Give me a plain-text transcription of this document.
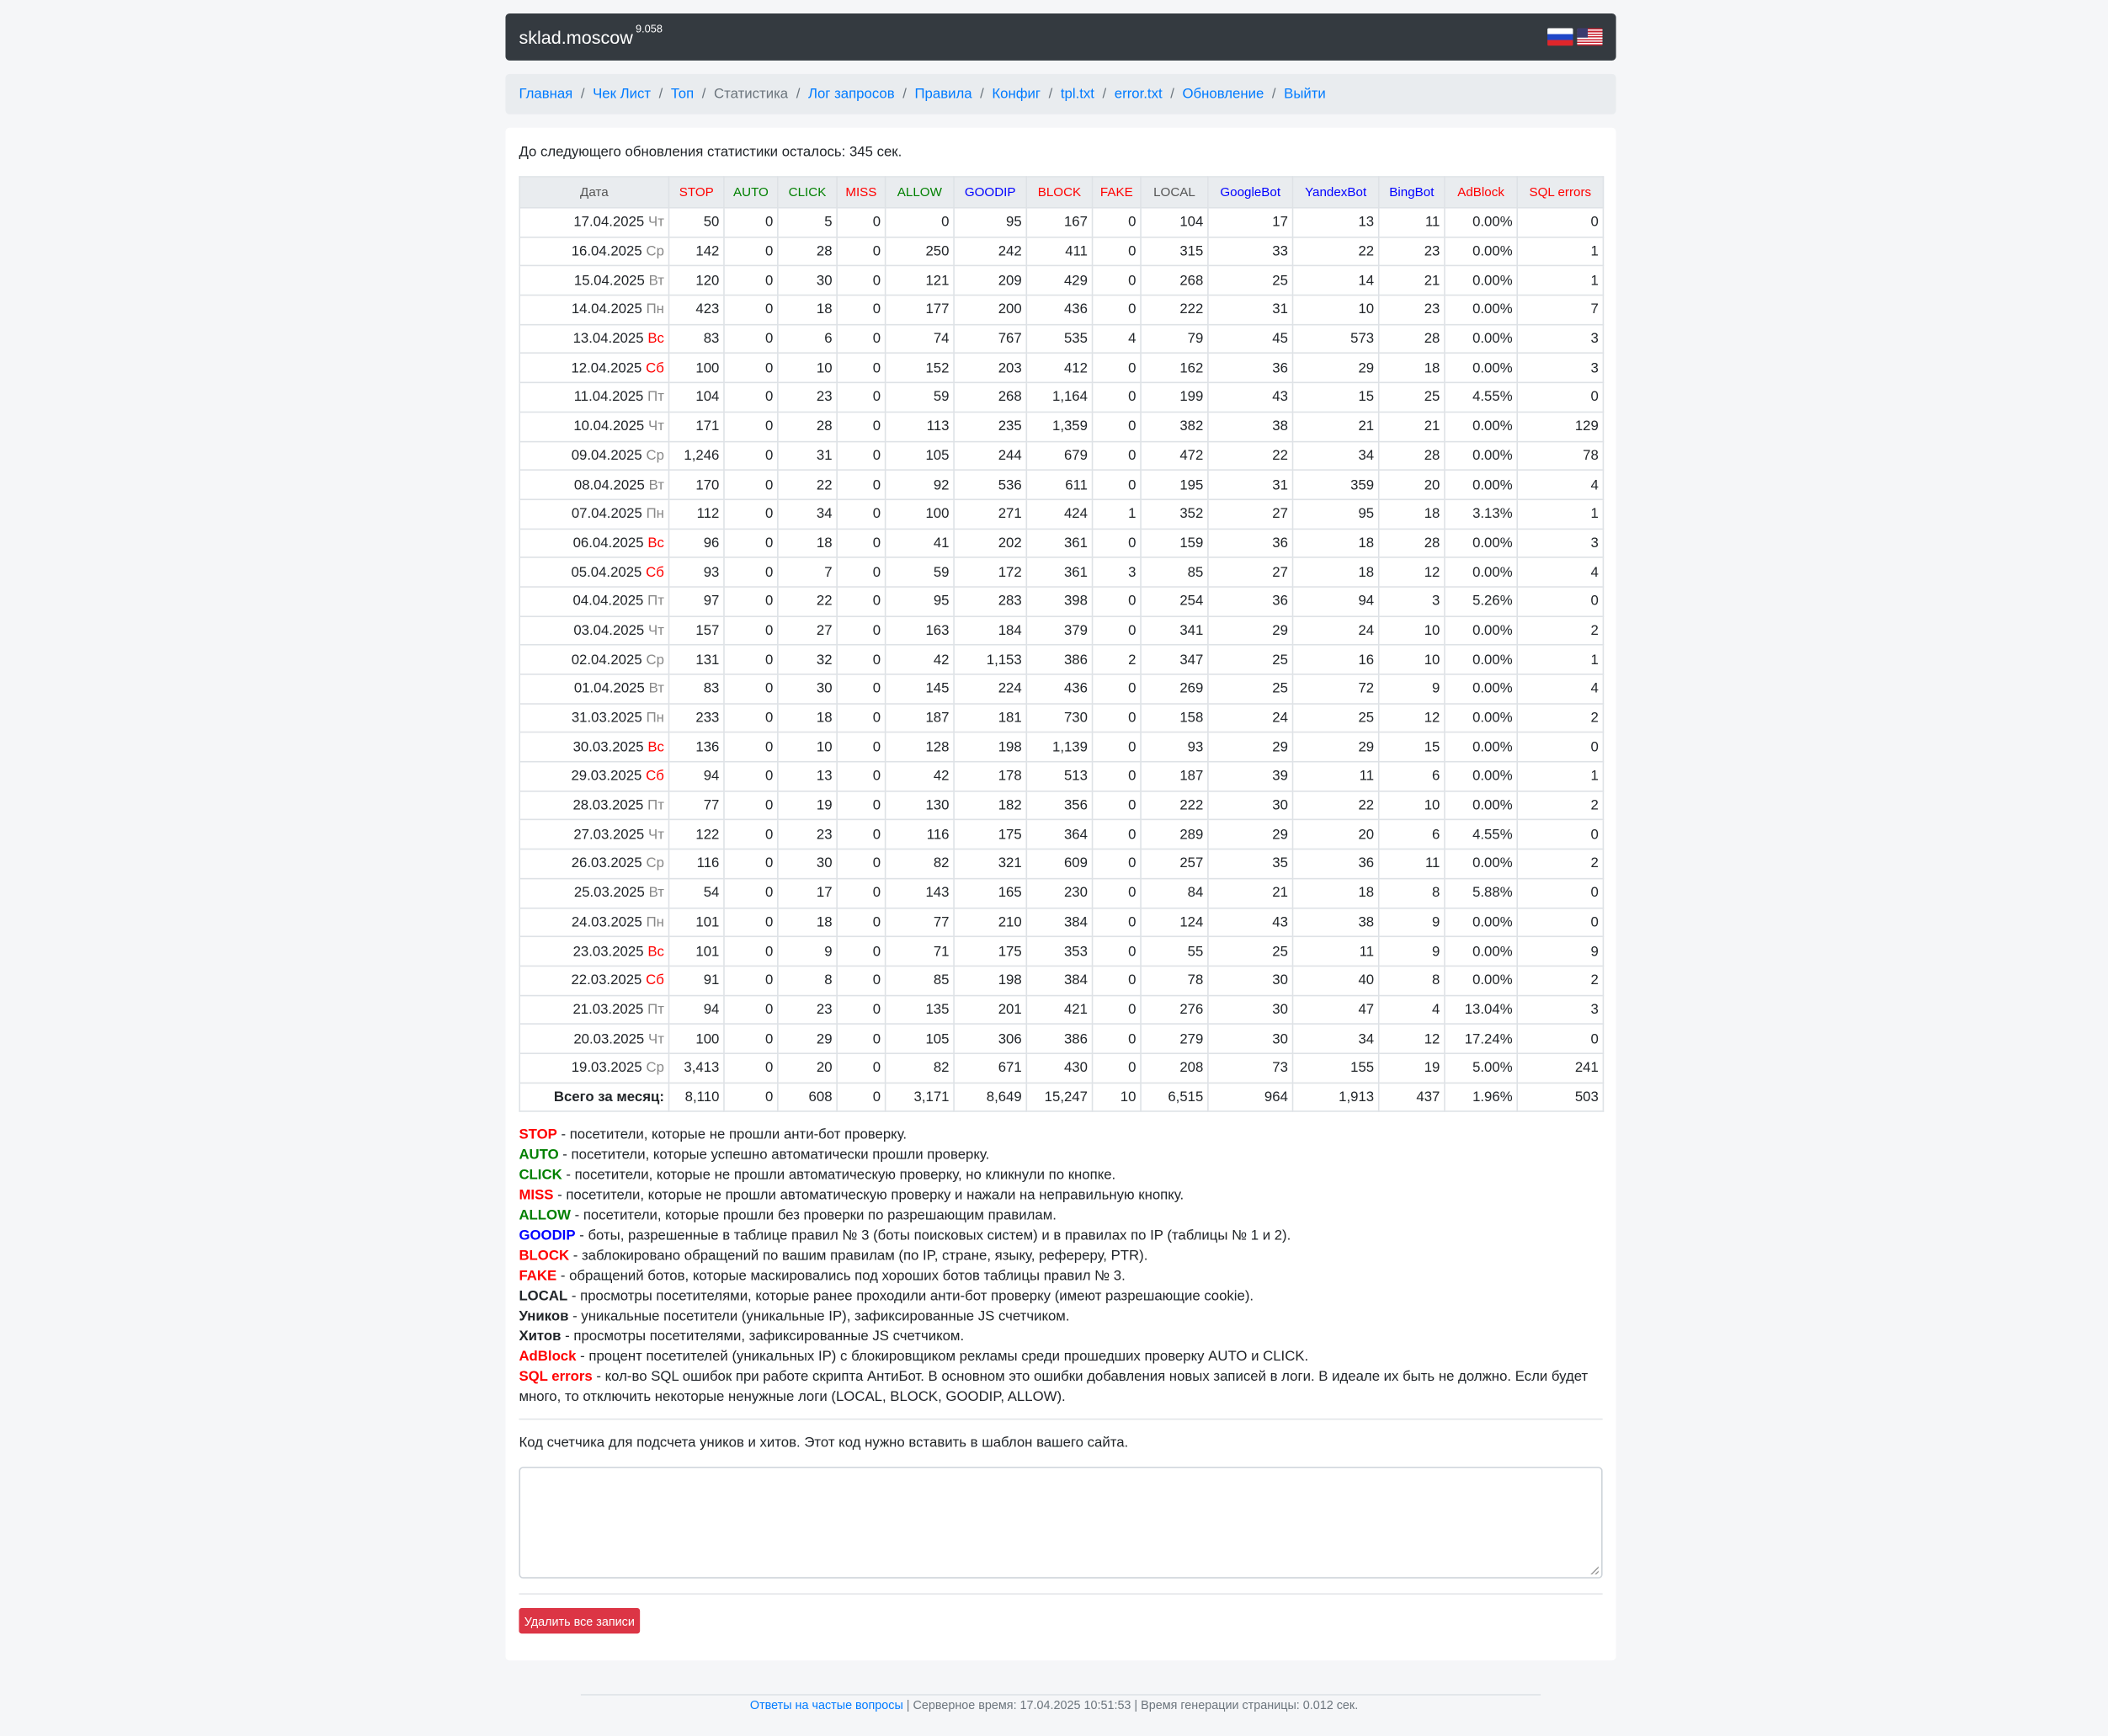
sklad.moscow $^{9.058}$
Главная / Чек Лист / Топ / Статистика / Лог запросов / Правила / Конфиг / tpl.txt / error.txt / Обновление / Выйти
До следующего обновления статистики осталось: 345 сек.
Дата	STOP	AUTO	CLICK	MISS	ALLOW	GOODIP	BLOCK	FAKE	LOCAL	GoogleBot	YandexBot	BingBot	AdBlock	SQL errors
17.04.2025 Чт	50	0	5	0	0	95	167	0	104	17	13	11	0.00%	0
16.04.2025 Ср	142	0	28	0	250	242	411	0	315	33	22	23	0.00%	1
15.04.2025 Вт	120	0	30	0	121	209	429	0	268	25	14	21	0.00%	1
14.04.2025 Пн	423	0	18	0	177	200	436	0	222	31	10	23	0.00%	7
13.04.2025 Вс	83	0	6	0	74	767	535	4	79	45	573	28	0.00%	3
12.04.2025 Сб	100	0	10	0	152	203	412	0	162	36	29	18	0.00%	3
11.04.2025 Пт	104	0	23	0	59	268	1,164	0	199	43	15	25	4.55%	0
10.04.2025 Чт	171	0	28	0	113	235	1,359	0	382	38	21	21	0.00%	129
09.04.2025 Ср	1,246	0	31	0	105	244	679	0	472	22	34	28	0.00%	78
08.04.2025 Вт	170	0	22	0	92	536	611	0	195	31	359	20	0.00%	4
07.04.2025 Пн	112	0	34	0	100	271	424	1	352	27	95	18	3.13%	1
06.04.2025 Вс	96	0	18	0	41	202	361	0	159	36	18	28	0.00%	3
05.04.2025 Сб	93	0	7	0	59	172	361	3	85	27	18	12	0.00%	4
04.04.2025 Пт	97	0	22	0	95	283	398	0	254	36	94	3	5.26%	0
03.04.2025 Чт	157	0	27	0	163	184	379	0	341	29	24	10	0.00%	2
02.04.2025 Ср	131	0	32	0	42	1,153	386	2	347	25	16	10	0.00%	1
01.04.2025 Вт	83	0	30	0	145	224	436	0	269	25	72	9	0.00%	4
31.03.2025 Пн	233	0	18	0	187	181	730	0	158	24	25	12	0.00%	2
30.03.2025 Вс	136	0	10	0	128	198	1,139	0	93	29	29	15	0.00%	0
29.03.2025 Сб	94	0	13	0	42	178	513	0	187	39	11	6	0.00%	1
28.03.2025 Пт	77	0	19	0	130	182	356	0	222	30	22	10	0.00%	2
27.03.2025 Чт	122	0	23	0	116	175	364	0	289	29	20	6	4.55%	0
26.03.2025 Ср	116	0	30	0	82	321	609	0	257	35	36	11	0.00%	2
25.03.2025 Вт	54	0	17	0	143	165	230	0	84	21	18	8	5.88%	0
24.03.2025 Пн	101	0	18	0	77	210	384	0	124	43	38	9	0.00%	0
23.03.2025 Вс	101	0	9	0	71	175	353	0	55	25	11	9	0.00%	9
22.03.2025 Сб	91	0	8	0	85	198	384	0	78	30	40	8	0.00%	2
21.03.2025 Пт	94	0	23	0	135	201	421	0	276	30	47	4	13.04%	3
20.03.2025 Чт	100	0	29	0	105	306	386	0	279	30	34	12	17.24%	0
19.03.2025 Ср	3,413	0	20	0	82	671	430	0	208	73	155	19	5.00%	241
Всего за месяц:	8,110	0	608	0	3,171	8,649	15,247	10	6,515	964	1,913	437	1.96%	503
STOP - посетители, которые не прошли анти-бот проверку.
AUTO - посетители, которые успешно автоматически прошли проверку.
CLICK - посетители, которые не прошли автоматическую проверку, но кликнули по кнопке.
MISS - посетители, которые не прошли автоматическую проверку и нажали на неправильную кнопку.
ALLOW - посетители, которые прошли без проверки по разрешающим правилам.
GOODIP - боты, разрешенные в таблице правил № 3 (боты поисковых систем) и в правилах по IP (таблицы № 1 и 2).
BLOCK - заблокировано обращений по вашим правилам (по IP, стране, языку, рефереру, PTR).
FAKE - обращений ботов, которые маскировались под хороших ботов таблицы правил № 3.
LOCAL - просмотры посетителями, которые ранее проходили анти-бот проверку (имеют разрешающие cookie).
Уников - уникальные посетители (уникальные IP), зафиксированные JS счетчиком.
Хитов - просмотры посетителями, зафиксированные JS счетчиком.
AdBlock - процент посетителей (уникальных IP) с блокировщиком рекламы среди прошедших проверку AUTO и CLICK.
SQL errors - кол-во SQL ошибок при работе скрипта АнтиБот. В основном это ошибки добавления новых записей в логи. В идеале их быть не должно. Если будет много, то отключить некоторые ненужные логи (LOCAL, BLOCK, GOODIP, ALLOW).
Код счетчика для подсчета уников и хитов. Этот код нужно вставить в шаблон вашего сайта.
Удалить все записи
Ответы на частые вопросы | Серверное время: 17.04.2025 10:51:53 | Время генерации страницы: 0.012 сек.
